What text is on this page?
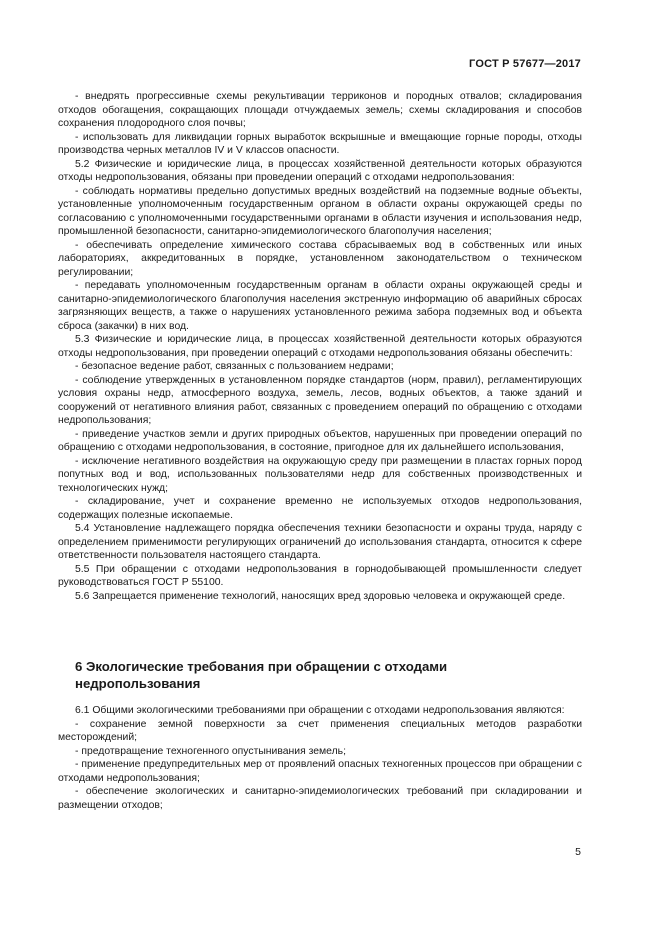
ГОСТ Р 57677—2017

- внедрять прогрессивные схемы рекультивации терриконов и породных отвалов; складирования отходов обогащения, сокращающих площади отчуждаемых земель; схемы складирования и способов сохранения плодородного слоя почвы;

- использовать для ликвидации горных выработок вскрышные и вмещающие горные породы, отходы производства черных металлов IV и V классов опасности.

5.2 Физические и юридические лица, в процессах хозяйственной деятельности которых образуются отходы недропользования, обязаны при проведении операций с отходами недропользования:

- соблюдать нормативы предельно допустимых вредных воздействий на подземные водные объекты, установленные уполномоченным государственным органом в области охраны окружающей среды по согласованию с уполномоченными государственными органами в области изучения и использования недр, промышленной безопасности, санитарно-эпидемиологического благополучия населения;

- обеспечивать определение химического состава сбрасываемых вод в собственных или иных лабораториях, аккредитованных в порядке, установленном законодательством о техническом регулировании;

- передавать уполномоченным государственным органам в области охраны окружающей среды и санитарно-эпидемиологического благополучия населения экстренную информацию об аварийных сбросах загрязняющих веществ, а также о нарушениях установленного режима забора подземных вод и объекта сброса (закачки) в них вод.

5.3 Физические и юридические лица, в процессах хозяйственной деятельности которых образуются отходы недропользования, при проведении операций с отходами недропользования обязаны обеспечить:

- безопасное ведение работ, связанных с пользованием недрами;

- соблюдение утвержденных в установленном порядке стандартов (норм, правил), регламентирующих условия охраны недр, атмосферного воздуха, земель, лесов, водных объектов, а также зданий и сооружений от негативного влияния работ, связанных с проведением операций по обращению с отходами недропользования;

- приведение участков земли и других природных объектов, нарушенных при проведении операций по обращению с отходами недропользования, в состояние, пригодное для их дальнейшего использования,

- исключение негативного воздействия на окружающую среду при размещении в пластах горных пород попутных вод и вод, использованных пользователями недр для собственных производственных и технологических нужд;

- складирование, учет и сохранение временно не используемых отходов недропользования, содержащих полезные ископаемые.

5.4 Установление надлежащего порядка обеспечения техники безопасности и охраны труда, наряду с определением применимости регулирующих ограничений до использования стандарта, относится к сфере ответственности пользователя настоящего стандарта.

5.5 При обращении с отходами недропользования в горнодобывающей промышленности следует руководствоваться ГОСТ Р 55100.

5.6 Запрещается применение технологий, наносящих вред здоровью человека и окружающей среде.

6 Экологические требования при обращении с отходами недропользования

6.1 Общими экологическими требованиями при обращении с отходами недропользования являются:

- сохранение земной поверхности за счет применения специальных методов разработки месторождений;

- предотвращение техногенного опустынивания земель;

- применение предупредительных мер от проявлений опасных техногенных процессов при обращении с отходами недропользования;

- обеспечение экологических и санитарно-эпидемиологических требований при складировании и размещении отходов;

5
